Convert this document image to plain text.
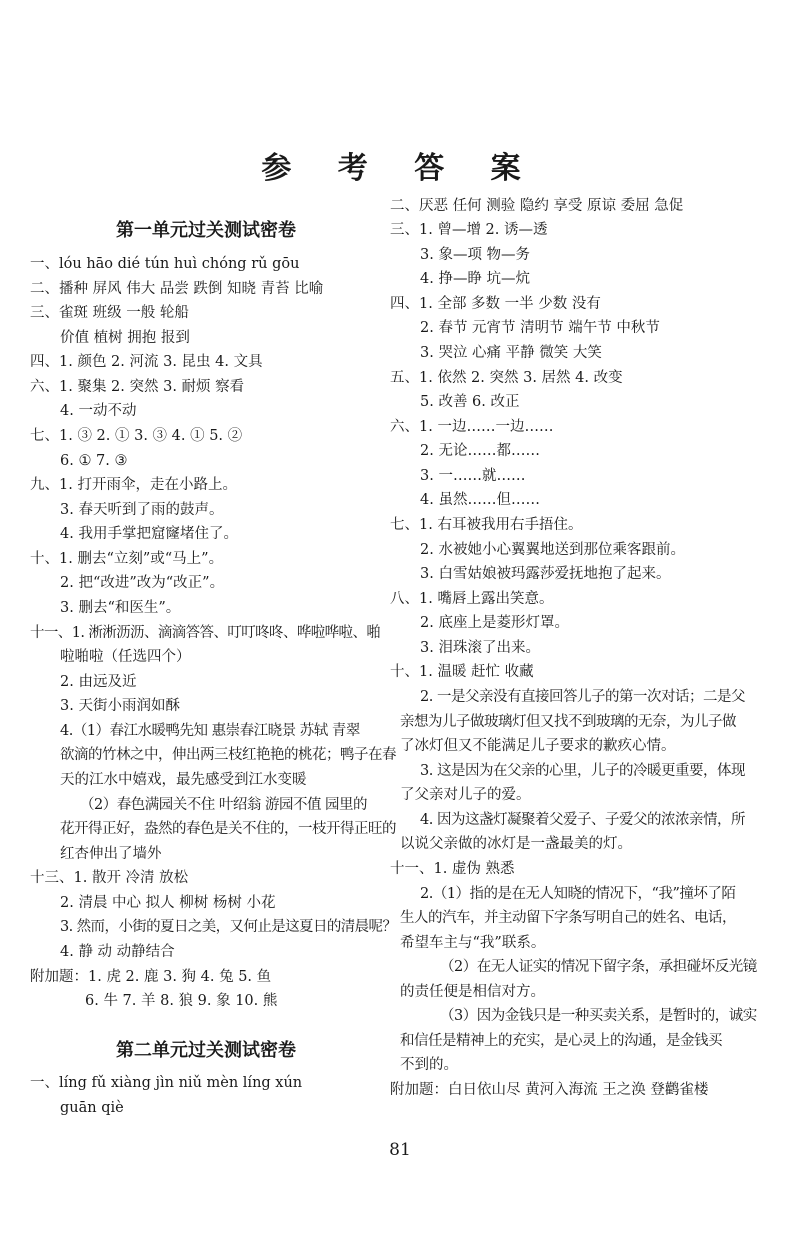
参 考 答 案
第一单元过关测试密卷
一、lóu hāo dié tún huì chóng rǔ gōu
二、播种 屏风 伟大 品尝 跌倒 知晓 青苔 比喻
三、雀斑 班级 一般 轮船
价值 植树 拥抱 报到
四、1. 颜色 2. 河流 3. 昆虫 4. 文具
六、1. 聚集 2. 突然 3. 耐烦 察看
4. 一动不动
七、1. ③ 2. ① 3. ③ 4. ① 5. ②
6. ① 7. ③
九、1. 打开雨伞，走在小路上。
3. 春天听到了雨的鼓声。
4. 我用手掌把窟窿堵住了。
十、1. 删去“立刻”或“马上”。
2. 把“改进”改为“改正”。
3. 删去“和医生”。
十一、1. 淅淅沥沥、滴滴答答、叮叮咚咚、哗啦哗啦、啪
啦啪啦（任选四个）
2. 由远及近
3. 天街小雨润如酥
4.（1）春江水暖鸭先知 惠崇春江晓景 苏轼 青翠
欲滴的竹林之中，伸出两三枝红艳艳的桃花；鸭子在春
天的江水中嬉戏，最先感受到江水变暖
（2）春色满园关不住 叶绍翁 游园不值 园里的
花开得正好，盎然的春色是关不住的，一枝开得正旺的
红杏伸出了墙外
十三、1. 散开 冷清 放松
2. 清晨 中心 拟人 柳树 杨树 小花
3. 然而，小街的夏日之美，又何止是这夏日的清晨呢？
4. 静 动 动静结合
附加题：1. 虎 2. 鹿 3. 狗 4. 兔 5. 鱼
6. 牛 7. 羊 8. 狼 9. 象 10. 熊
第二单元过关测试密卷
一、líng fǔ xiàng jìn niǔ mèn líng xún
guān qiè
二、厌恶 任何 测验 隐约 享受 原谅 委屈 急促
三、1. 曾—增 2. 诱—透
3. 象—项 物—务
4. 挣—睁 坑—炕
四、1. 全部 多数 一半 少数 没有
2. 春节 元宵节 清明节 端午节 中秋节
3. 哭泣 心痛 平静 微笑 大笑
五、1. 依然 2. 突然 3. 居然 4. 改变
5. 改善 6. 改正
六、1. 一边……一边……
2. 无论……都……
3. 一……就……
4. 虽然……但……
七、1. 右耳被我用右手捂住。
2. 水被她小心翼翼地送到那位乘客跟前。
3. 白雪姑娘被玛露莎爱抚地抱了起来。
八、1. 嘴唇上露出笑意。
2. 底座上是菱形灯罩。
3. 泪珠滚了出来。
十、1. 温暖 赶忙 收藏
2. 一是父亲没有直接回答儿子的第一次对话；二是父
亲想为儿子做玻璃灯但又找不到玻璃的无奈，为儿子做
了冰灯但又不能满足儿子要求的歉疚心情。
3. 这是因为在父亲的心里，儿子的冷暖更重要，体现
了父亲对儿子的爱。
4. 因为这盏灯凝聚着父爱子、子爱父的浓浓亲情，所
以说父亲做的冰灯是一盏最美的灯。
十一、1. 虚伪 熟悉
2.（1）指的是在无人知晓的情况下，“我”撞坏了陌
生人的汽车，并主动留下字条写明自己的姓名、电话，
希望车主与“我”联系。
（2）在无人证实的情况下留字条，承担碰坏反光镜
的责任便是相信对方。
（3）因为金钱只是一种买卖关系，是暂时的，诚实
和信任是精神上的充实，是心灵上的沟通，是金钱买
不到的。
附加题：白日依山尽 黄河入海流 王之涣 登鹳雀楼
81
